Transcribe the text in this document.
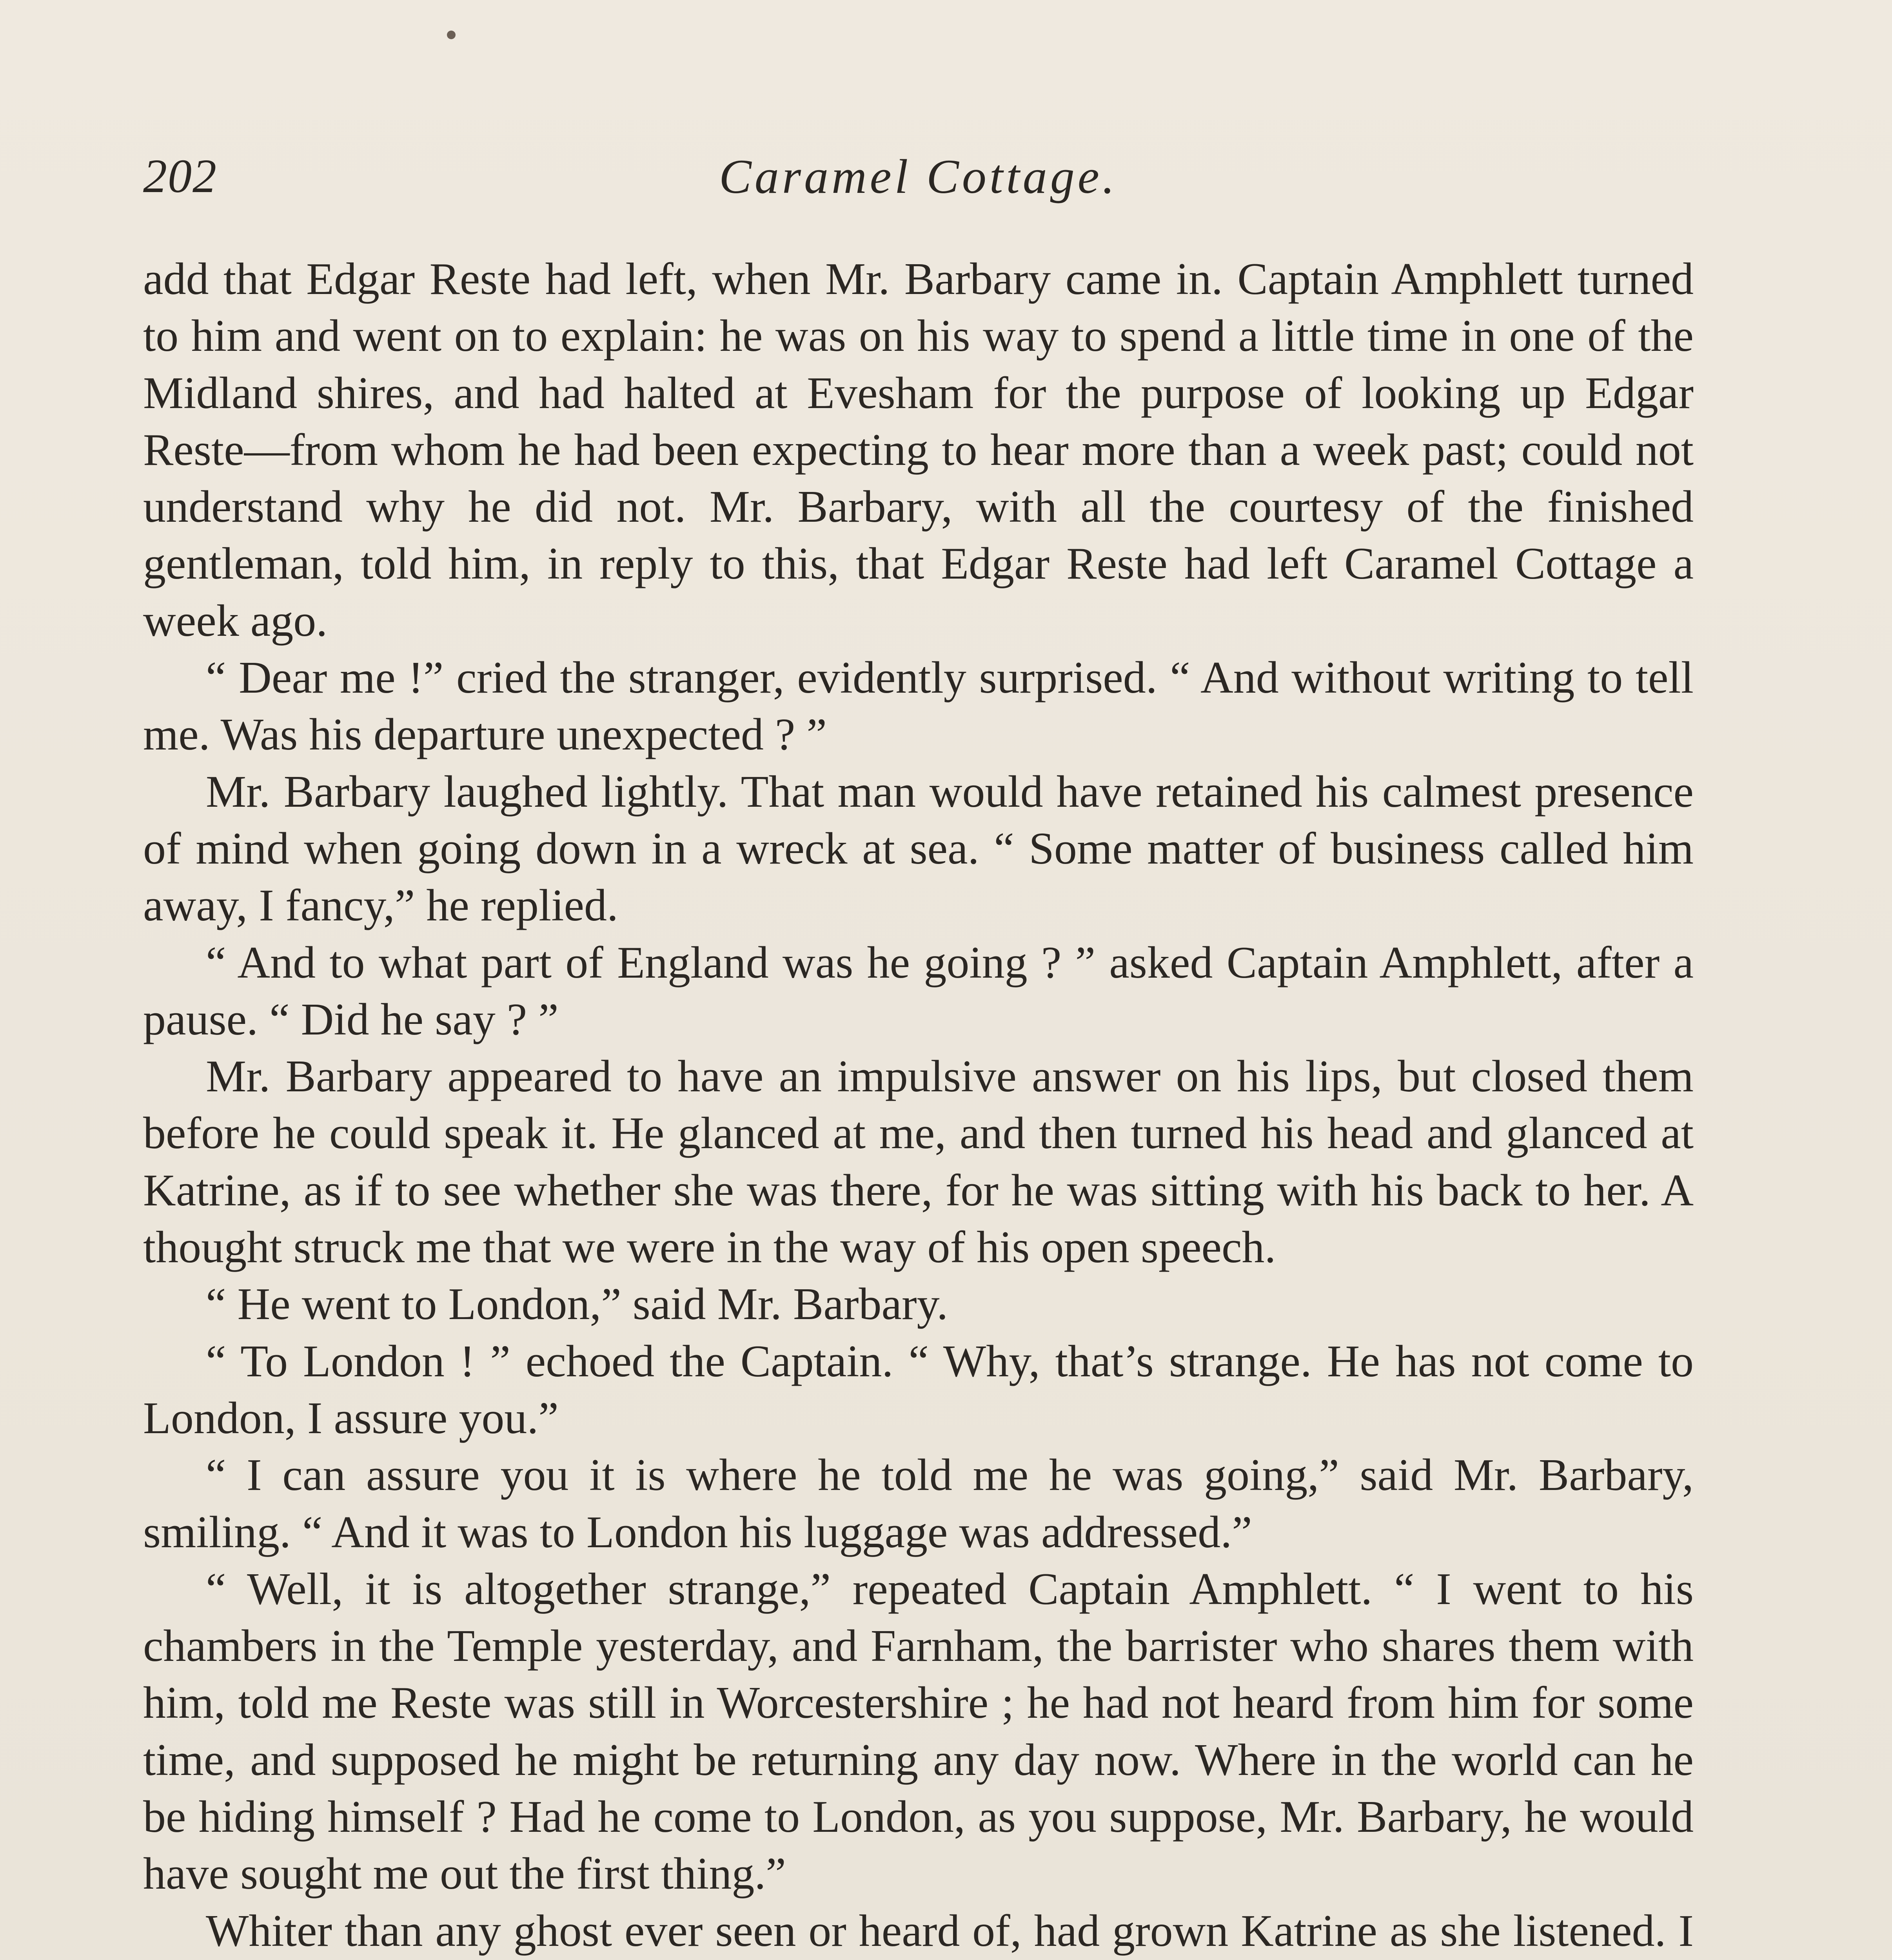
202	Caramel Cottage.

add that Edgar Reste had left, when Mr. Barbary came in. Captain Amphlett turned to him and went on to explain: he was on his way to spend a little time in one of the Midland shires, and had halted at Evesham for the purpose of looking up Edgar Reste—from whom he had been expecting to hear more than a week past; could not understand why he did not. Mr. Barbary, with all the courtesy of the finished gentleman, told him, in reply to this, that Edgar Reste had left Caramel Cottage a week ago.

“ Dear me !” cried the stranger, evidently surprised. “ And without writing to tell me. Was his departure unexpected ? ”

Mr. Barbary laughed lightly. That man would have retained his calmest presence of mind when going down in a wreck at sea. “ Some matter of business called him away, I fancy,” he replied.

“ And to what part of England was he going ? ” asked Captain Amphlett, after a pause. “ Did he say ? ”

Mr. Barbary appeared to have an impulsive answer on his lips, but closed them before he could speak it. He glanced at me, and then turned his head and glanced at Katrine, as if to see whether she was there, for he was sitting with his back to her. A thought struck me that we were in the way of his open speech.

“ He went to London,” said Mr. Barbary.

“ To London ! ” echoed the Captain. “ Why, that’s strange. He has not come to London, I assure you.”

“ I can assure you it is where he told me he was going,” said Mr. Barbary, smiling. “ And it was to London his luggage was addressed.”

“ Well, it is altogether strange,” repeated Captain Amphlett. “ I went to his chambers in the Temple yesterday, and Farnham, the barrister who shares them with him, told me Reste was still in Worcestershire ; he had not heard from him for some time, and supposed he might be returning any day now. Where in the world can he be hiding himself ? Had he come to London, as you suppose, Mr. Barbary, he would have sought me out the first thing.”

Whiter than any ghost ever seen or heard of, had grown Katrine as she listened. I
